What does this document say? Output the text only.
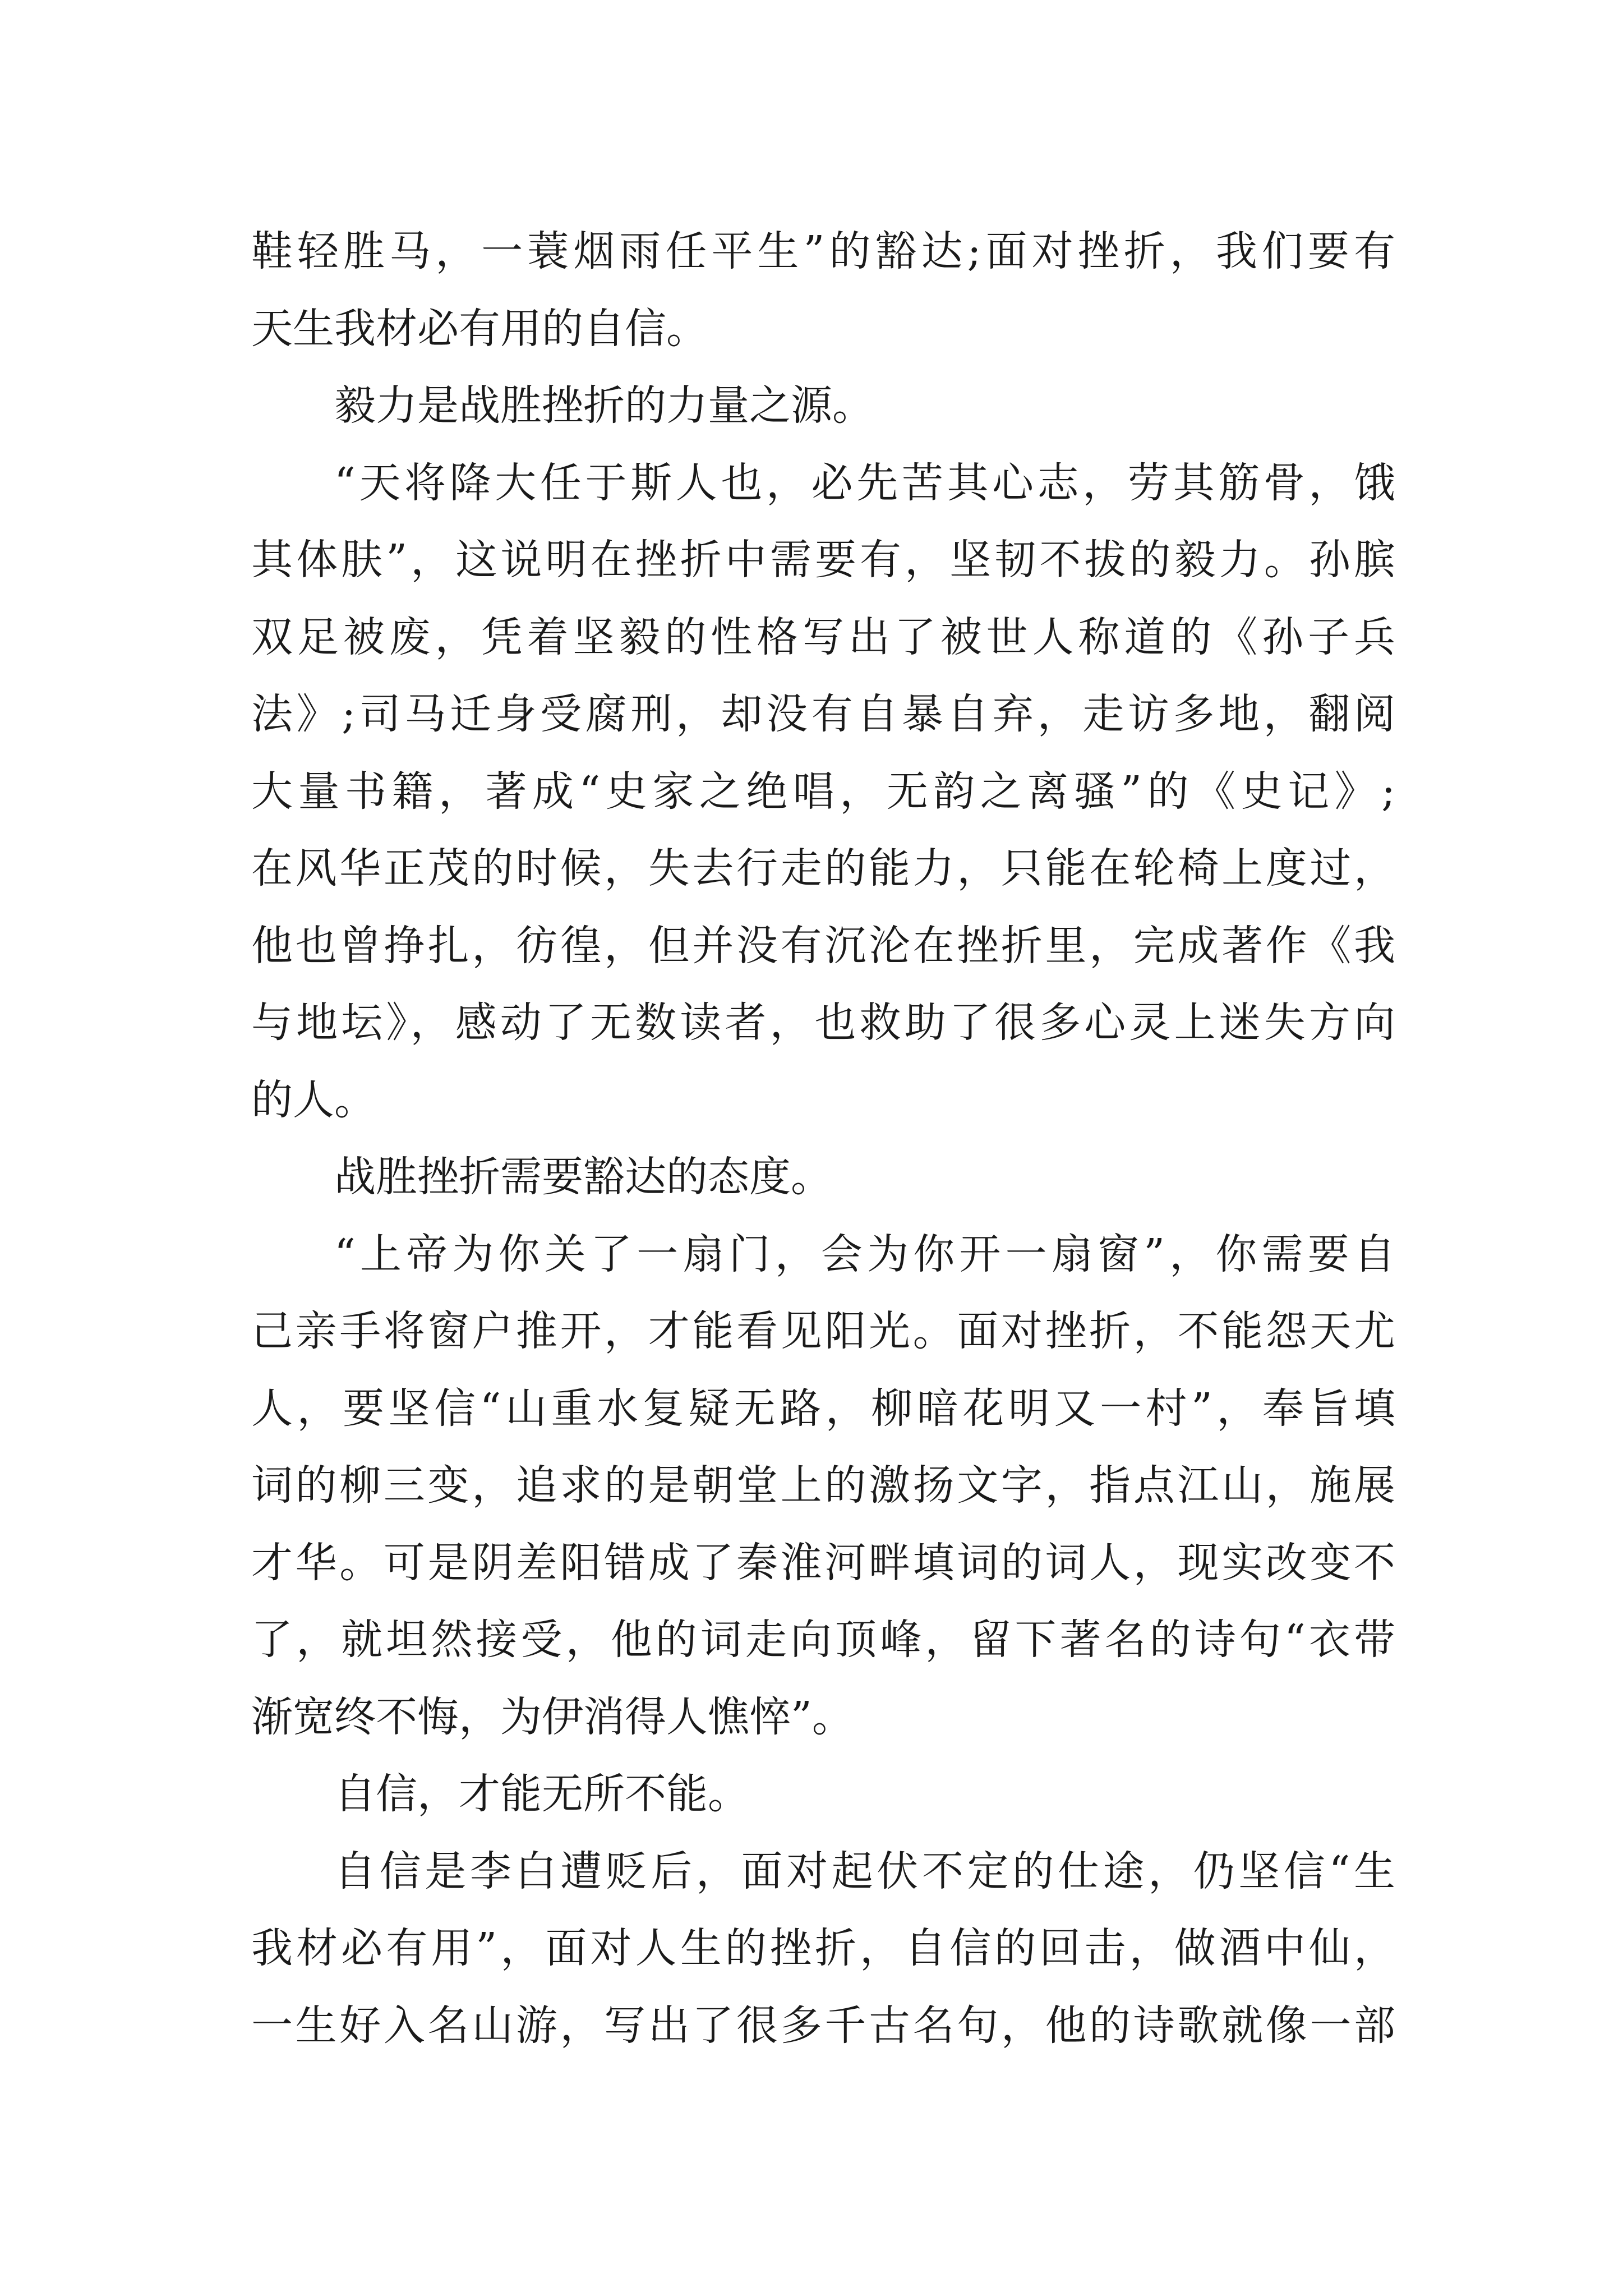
鞋轻胜马，一蓑烟雨任平生”的豁达;面对挫折，我们要有
天生我材必有用的自信。
毅力是战胜挫折的力量之源。
“天将降大任于斯人也，必先苦其心志，劳其筋骨，饿
其体肤”，这说明在挫折中需要有，坚韧不拔的毅力。孙膑
双足被废，凭着坚毅的性格写出了被世人称道的《孙子兵
法》;司马迁身受腐刑，却没有自暴自弃，走访多地，翻阅
大量书籍，著成“史家之绝唱，无韵之离骚”的《史记》;
在风华正茂的时候，失去行走的能力，只能在轮椅上度过，
他也曾挣扎，彷徨，但并没有沉沦在挫折里，完成著作《我
与地坛》，感动了无数读者，也救助了很多心灵上迷失方向
的人。
战胜挫折需要豁达的态度。
“上帝为你关了一扇门，会为你开一扇窗”，你需要自
己亲手将窗户推开，才能看见阳光。面对挫折，不能怨天尤
人，要坚信“山重水复疑无路，柳暗花明又一村”，奉旨填
词的柳三变，追求的是朝堂上的激扬文字，指点江山，施展
才华。可是阴差阳错成了秦淮河畔填词的词人，现实改变不
了，就坦然接受，他的词走向顶峰，留下著名的诗句“衣带
渐宽终不悔，为伊消得人憔悴”。
自信，才能无所不能。
自信是李白遭贬后，面对起伏不定的仕途，仍坚信“生
我材必有用”，面对人生的挫折，自信的回击，做酒中仙，
一生好入名山游，写出了很多千古名句，他的诗歌就像一部
